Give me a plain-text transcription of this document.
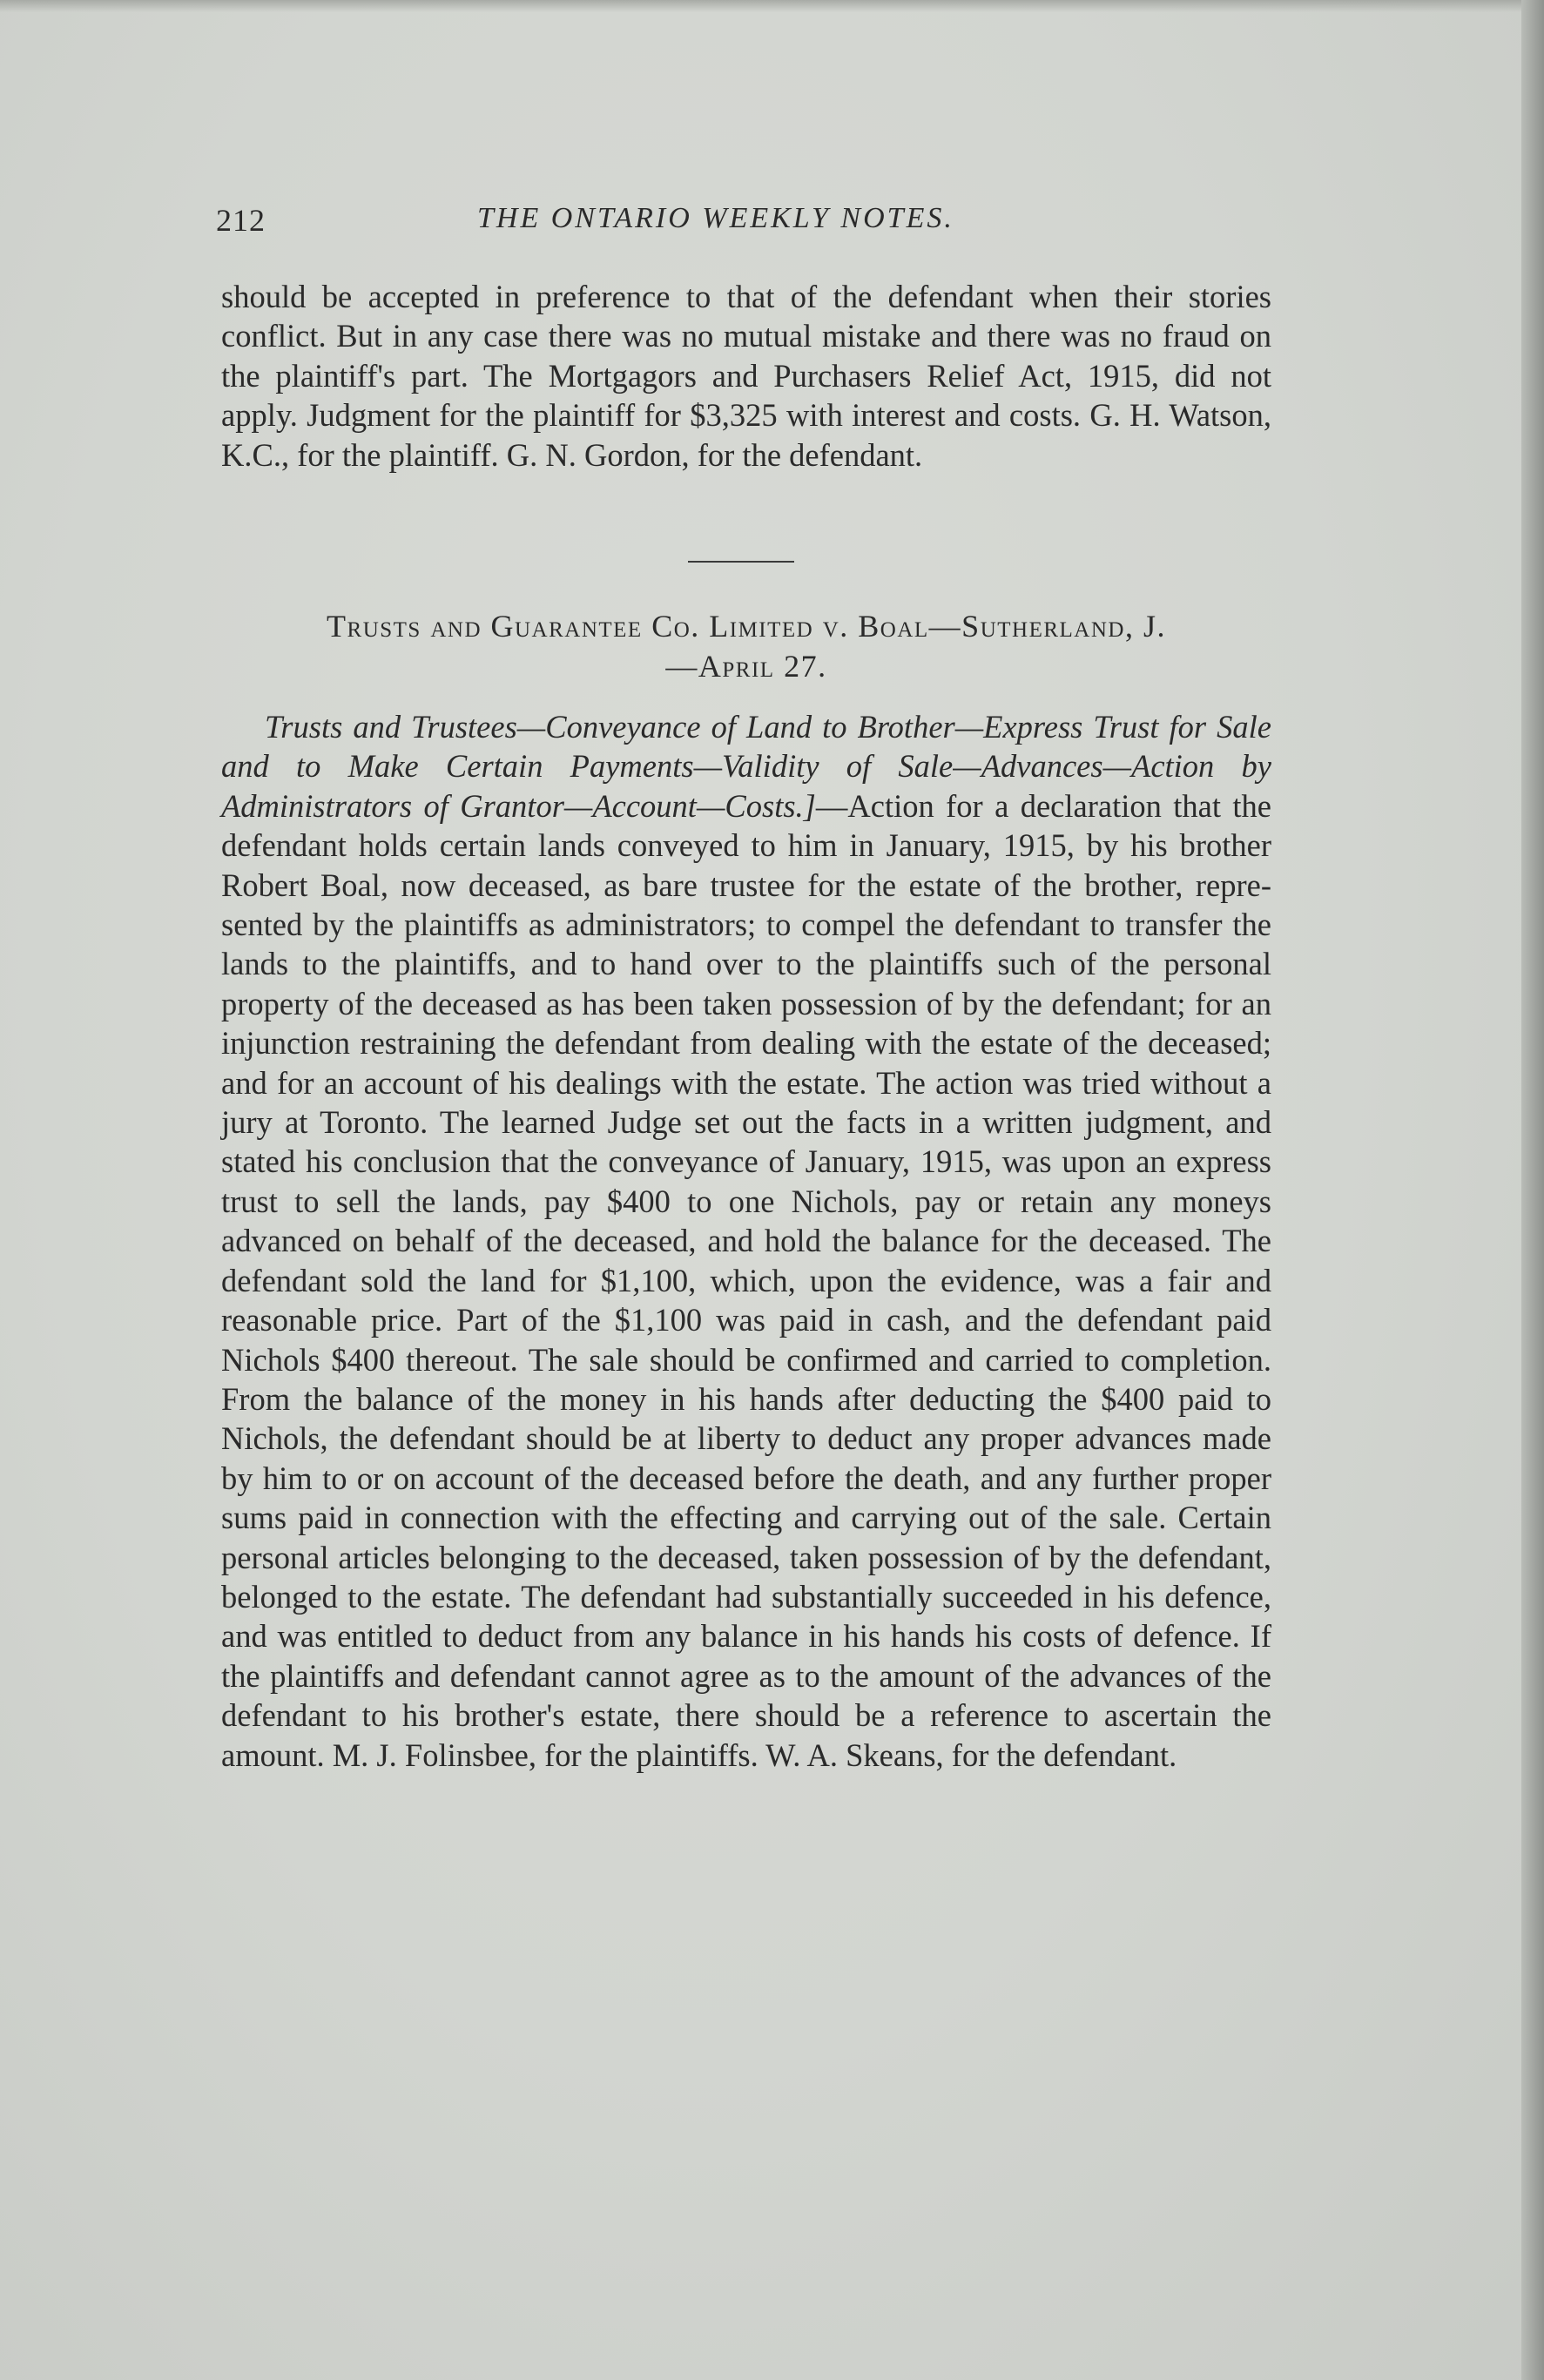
212	THE ONTARIO WEEKLY NOTES.

should be accepted in preference to that of the defendant when their stories conflict. But in any case there was no mutual mistake and there was no fraud on the plaintiff's part. The Mortgagors and Purchasers Relief Act, 1915, did not apply. Judgment for the plaintiff for $3,325 with interest and costs. G. H. Watson, K.C., for the plaintiff. G. N. Gordon, for the defendant.

Trusts and Guarantee Co. Limited v. Boal—Sutherland, J.
—April 27.

Trusts and Trustees—Conveyance of Land to Brother—Express Trust for Sale and to Make Certain Payments—Validity of Sale—Advances—Action by Administrators of Grantor—Account—Costs.]—Action for a declaration that the defendant holds certain lands conveyed to him in January, 1915, by his brother Robert Boal, now deceased, as bare trustee for the estate of the brother, represented by the plaintiffs as administrators; to compel the defendant to transfer the lands to the plaintiffs, and to hand over to the plaintiffs such of the personal property of the deceased as has been taken possession of by the defendant; for an injunction restraining the defendant from dealing with the estate of the deceased; and for an account of his dealings with the estate. The action was tried without a jury at Toronto. The learned Judge set out the facts in a written judgment, and stated his conclusion that the conveyance of January, 1915, was upon an express trust to sell the lands, pay $400 to one Nichols, pay or retain any moneys advanced on behalf of the deceased, and hold the balance for the deceased. The defendant sold the land for $1,100, which, upon the evidence, was a fair and reasonable price. Part of the $1,100 was paid in cash, and the defendant paid Nichols $400 thereout. The sale should be confirmed and carried to completion. From the balance of the money in his hands after deducting the $400 paid to Nichols, the defendant should be at liberty to deduct any proper advances made by him to or on account of the deceased before the death, and any further proper sums paid in connection with the effecting and carrying out of the sale. Certain personal articles belonging to the deceased, taken possession of by the defendant, belonged to the estate. The defendant had substantially succeeded in his defence, and was entitled to deduct from any balance in his hands his costs of defence. If the plaintiffs and defendant cannot agree as to the amount of the advances of the defendant to his brother's estate, there should be a reference to ascertain the amount. M. J. Folinsbee, for the plaintiffs. W. A. Skeans, for the defendant.
